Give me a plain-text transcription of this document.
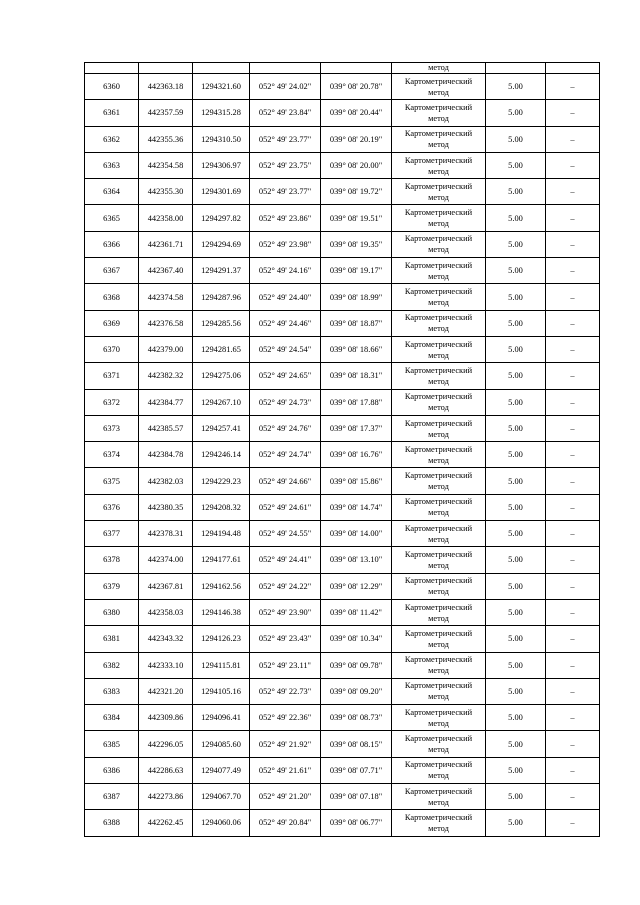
					метод		
6360	442363.18	1294321.60	052° 49' 24.02"	039° 08' 20.78"	Картометрический
метод	5.00	–
6361	442357.59	1294315.28	052° 49' 23.84"	039° 08' 20.44"	Картометрический
метод	5.00	–
6362	442355.36	1294310.50	052° 49' 23.77"	039° 08' 20.19"	Картометрический
метод	5.00	–
6363	442354.58	1294306.97	052° 49' 23.75"	039° 08' 20.00"	Картометрический
метод	5.00	–
6364	442355.30	1294301.69	052° 49' 23.77"	039° 08' 19.72"	Картометрический
метод	5.00	–
6365	442358.00	1294297.82	052° 49' 23.86"	039° 08' 19.51"	Картометрический
метод	5.00	–
6366	442361.71	1294294.69	052° 49' 23.98"	039° 08' 19.35"	Картометрический
метод	5.00	–
6367	442367.40	1294291.37	052° 49' 24.16"	039° 08' 19.17"	Картометрический
метод	5.00	–
6368	442374.58	1294287.96	052° 49' 24.40"	039° 08' 18.99"	Картометрический
метод	5.00	–
6369	442376.58	1294285.56	052° 49' 24.46"	039° 08' 18.87"	Картометрический
метод	5.00	–
6370	442379.00	1294281.65	052° 49' 24.54"	039° 08' 18.66"	Картометрический
метод	5.00	–
6371	442382.32	1294275.06	052° 49' 24.65"	039° 08' 18.31"	Картометрический
метод	5.00	–
6372	442384.77	1294267.10	052° 49' 24.73"	039° 08' 17.88"	Картометрический
метод	5.00	–
6373	442385.57	1294257.41	052° 49' 24.76"	039° 08' 17.37"	Картометрический
метод	5.00	–
6374	442384.78	1294246.14	052° 49' 24.74"	039° 08' 16.76"	Картометрический
метод	5.00	–
6375	442382.03	1294229.23	052° 49' 24.66"	039° 08' 15.86"	Картометрический
метод	5.00	–
6376	442380.35	1294208.32	052° 49' 24.61"	039° 08' 14.74"	Картометрический
метод	5.00	–
6377	442378.31	1294194.48	052° 49' 24.55"	039° 08' 14.00"	Картометрический
метод	5.00	–
6378	442374.00	1294177.61	052° 49' 24.41"	039° 08' 13.10"	Картометрический
метод	5.00	–
6379	442367.81	1294162.56	052° 49' 24.22"	039° 08' 12.29"	Картометрический
метод	5.00	–
6380	442358.03	1294146.38	052° 49' 23.90"	039° 08' 11.42"	Картометрический
метод	5.00	–
6381	442343.32	1294126.23	052° 49' 23.43"	039° 08' 10.34"	Картометрический
метод	5.00	–
6382	442333.10	1294115.81	052° 49' 23.11"	039° 08' 09.78"	Картометрический
метод	5.00	–
6383	442321.20	1294105.16	052° 49' 22.73"	039° 08' 09.20"	Картометрический
метод	5.00	–
6384	442309.86	1294096.41	052° 49' 22.36"	039° 08' 08.73"	Картометрический
метод	5.00	–
6385	442296.05	1294085.60	052° 49' 21.92"	039° 08' 08.15"	Картометрический
метод	5.00	–
6386	442286.63	1294077.49	052° 49' 21.61"	039° 08' 07.71"	Картометрический
метод	5.00	–
6387	442273.86	1294067.70	052° 49' 21.20"	039° 08' 07.18"	Картометрический
метод	5.00	–
6388	442262.45	1294060.06	052° 49' 20.84"	039° 08' 06.77"	Картометрический
метод	5.00	–
